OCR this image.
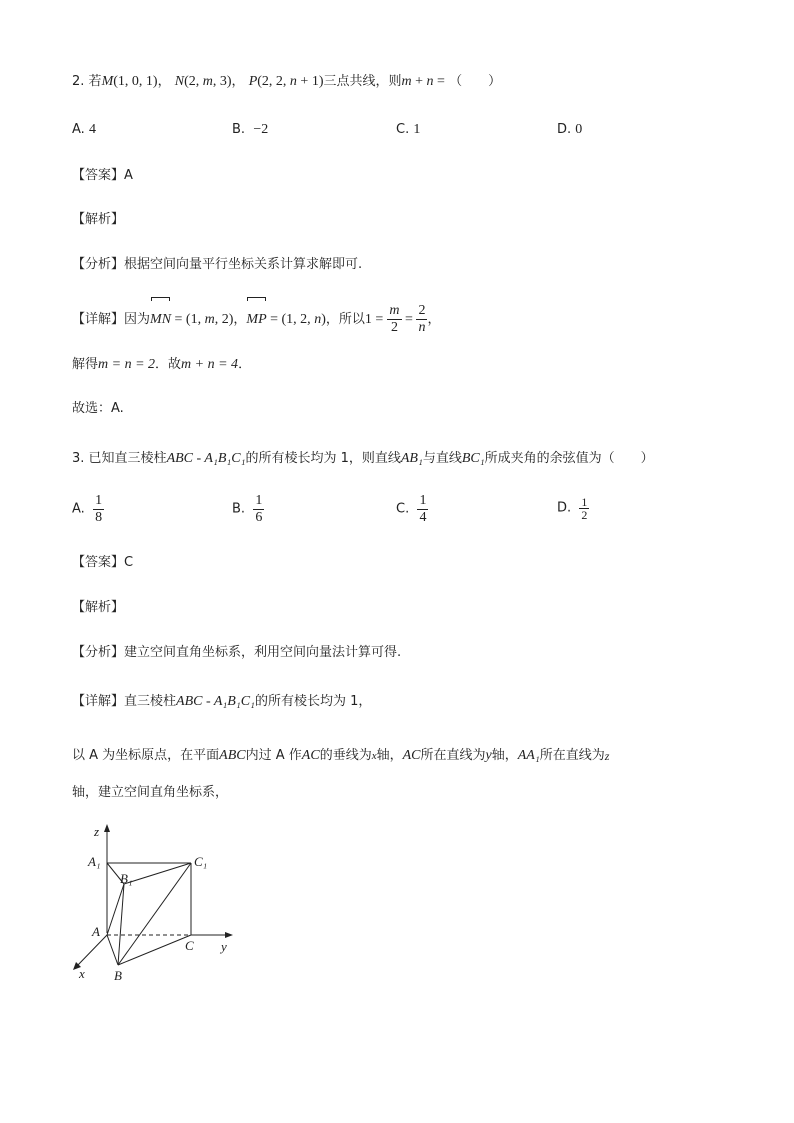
2. 若M(1, 0, 1)， N(2, m, 3)， P(2, 2, n + 1)三点共线，则m + n = （　　）
A. 4	B. −2	C. 1	D. 0
【答案】A
【解析】
【分析】根据空间向量平行坐标关系计算求解即可.
【详解】因为MN = (1, m, 2)，MP = (1, 2, n)，所以$1 = \frac{m}{2} = \frac{2}{n}$ ，
解得m = n = 2．故m + n = 4．
故选：A.
3. 已知直三棱柱ABC - A₁B₁C₁的所有棱长均为 1，则直线AB₁与直线BC₁所成夹角的余弦值为（　　）
A. $\frac{1}{8}$	B. $\frac{1}{6}$	C. $\frac{1}{4}$	D. $\frac{1}{2}$
【答案】C
【解析】
【分析】建立空间直角坐标系，利用空间向量法计算可得.
【详解】直三棱柱ABC - A₁B₁C₁的所有棱长均为 1，
以 A 为坐标原点，在平面ABC内过 A 作AC的垂线为$^x$轴，AC所在直线为y轴，AA₁所在直线为z
轴，建立空间直角坐标系，
z
A₁
B₁
C₁
A
C y
x B
